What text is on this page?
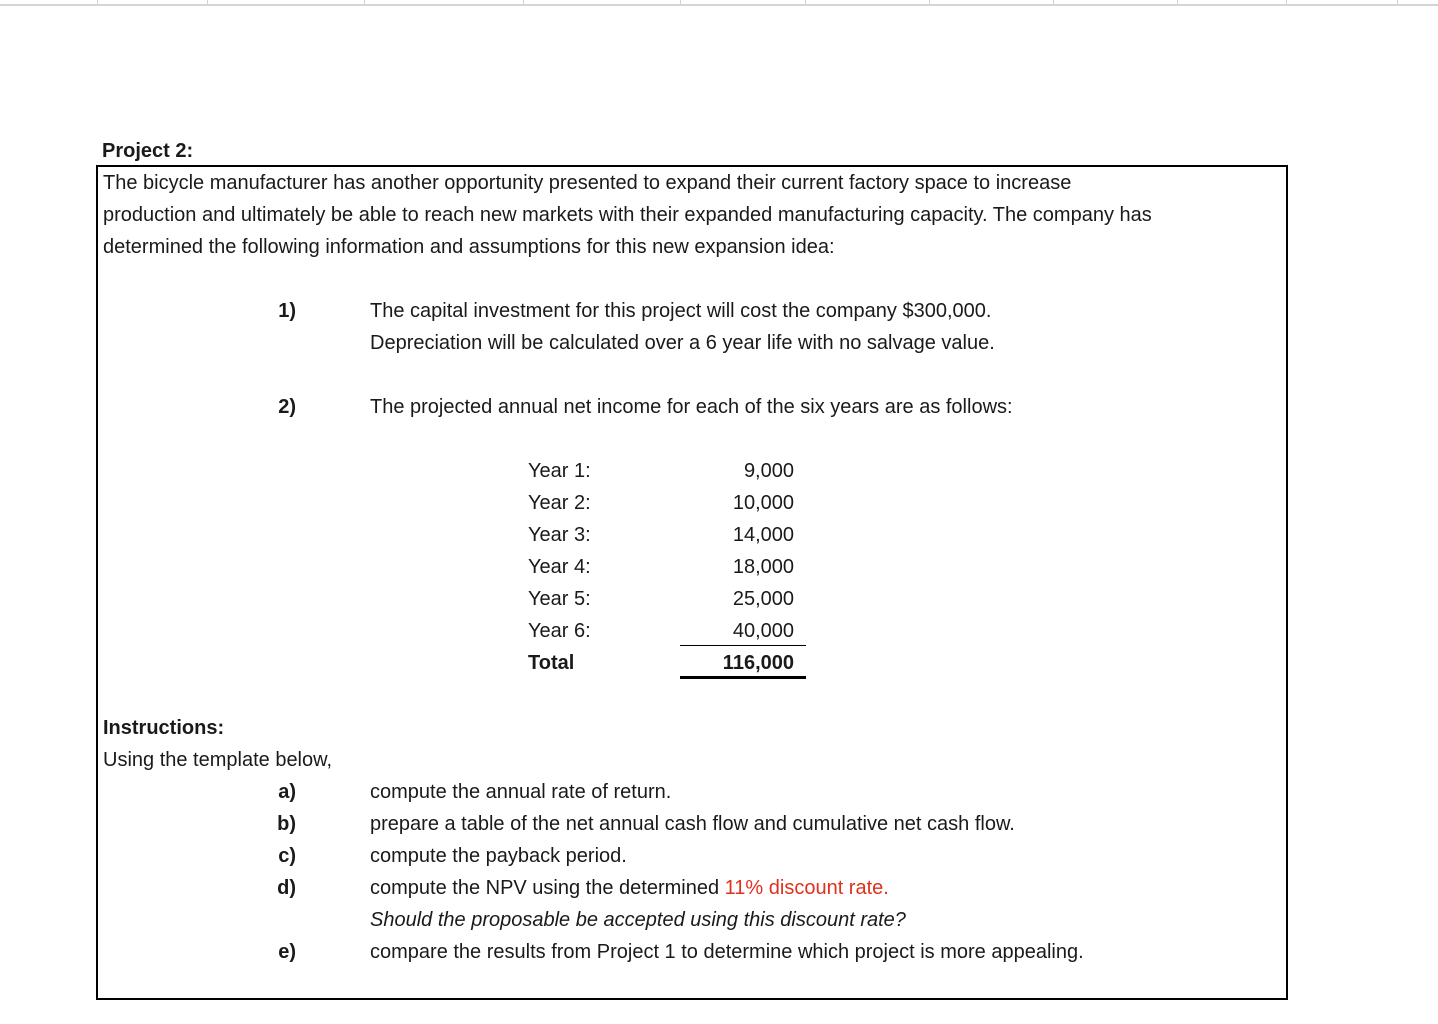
Project 2:
The bicycle manufacturer has another opportunity presented to expand their current factory space to increase
production and ultimately be able to reach new markets with their expanded manufacturing capacity. The company has
determined the following information and assumptions for this new expansion idea:
1)	The capital investment for this project will cost the company $300,000.
Depreciation will be calculated over a 6 year life with no salvage value.
2)	The projected annual net income for each of the six years are as follows:
Year 1:	9,000
Year 2:	10,000
Year 3:	14,000
Year 4:	18,000
Year 5:	25,000
Year 6:	40,000
Total	116,000
Instructions:
Using the template below,
a)	compute the annual rate of return.
b)	prepare a table of the net annual cash flow and cumulative net cash flow.
c)	compute the payback period.
d)	compute the NPV using the determined 11% discount rate.
Should the proposable be accepted using this discount rate?
e)	compare the results from Project 1 to determine which project is more appealing.
